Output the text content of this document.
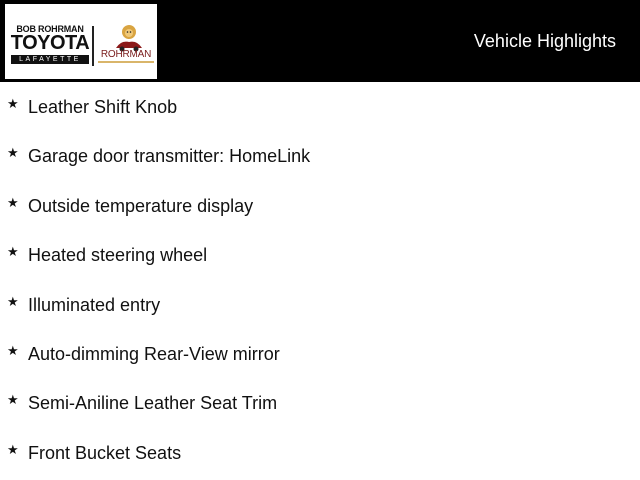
BOB ROHRMAN
TOYOTA
LAFAYETTE	ROHRMAN
Vehicle Highlights
★ Leather Shift Knob
★ Garage door transmitter: HomeLink
★ Outside temperature display
★ Heated steering wheel
★ Illuminated entry
★ Auto-dimming Rear-View mirror
★ Semi-Aniline Leather Seat Trim
★ Front Bucket Seats
